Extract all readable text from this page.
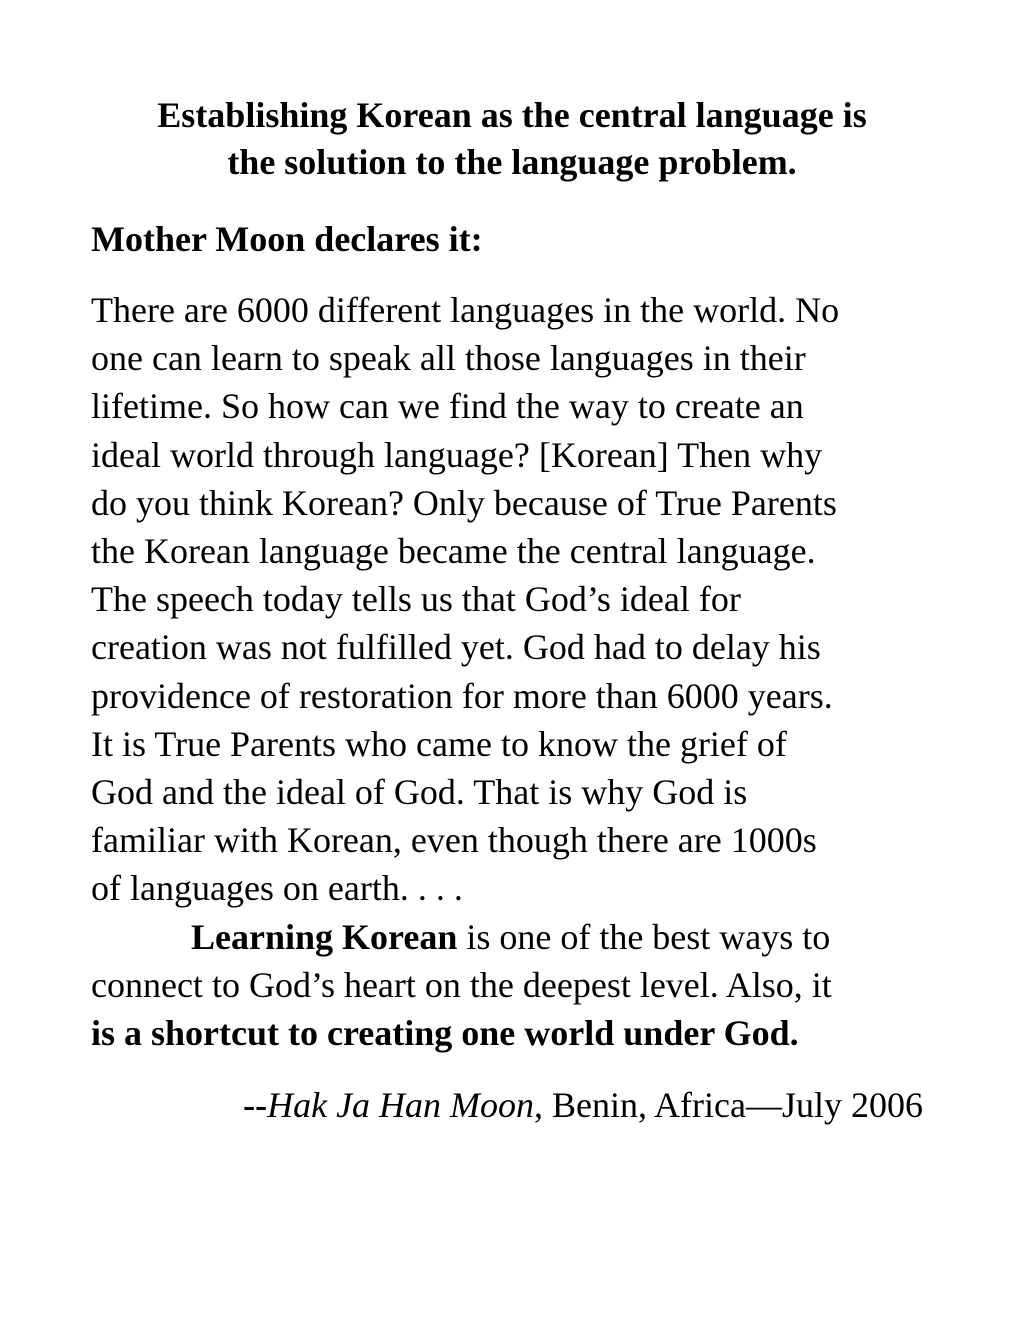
Establishing Korean as the central language is
the solution to the language problem.

Mother Moon declares it:

There are 6000 different languages in the world. No
one can learn to speak all those languages in their
lifetime. So how can we find the way to create an
ideal world through language? [Korean] Then why
do you think Korean? Only because of True Parents
the Korean language became the central language.
The speech today tells us that God’s ideal for
creation was not fulfilled yet. God had to delay his
providence of restoration for more than 6000 years.
It is True Parents who came to know the grief of
God and the ideal of God. That is why God is
familiar with Korean, even though there are 1000s
of languages on earth. . . .
Learning Korean is one of the best ways to
connect to God’s heart on the deepest level. Also, it
is a shortcut to creating one world under God.

--Hak Ja Han Moon, Benin, Africa—July 2006
